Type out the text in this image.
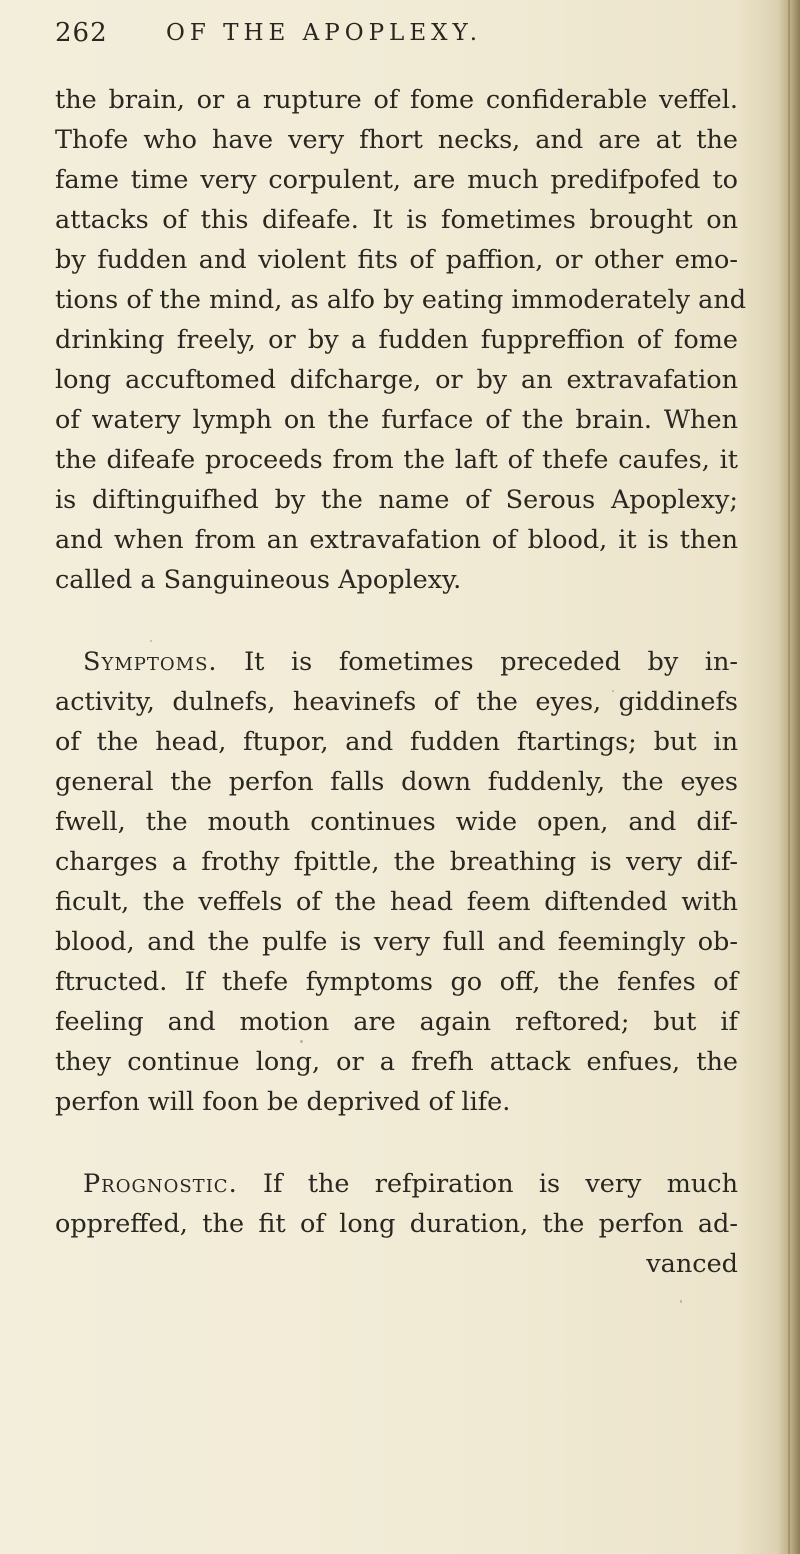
262	OF THE APOPLEXY.
the brain, or a rupture of fome confiderable veffel.
Thofe who have very fhort necks, and are at the
fame time very corpulent, are much predifpofed to
attacks of this difeafe. It is fometimes brought on
by fudden and violent fits of paffion, or other emo-
tions of the mind, as alfo by eating immoderately and
drinking freely, or by a fudden fuppreffion of fome
long accuftomed difcharge, or by an extravafation
of watery lymph on the furface of the brain. When
the difeafe proceeds from the laft of thefe caufes, it
is diftinguifhed by the name of Serous Apoplexy;
and when from an extravafation of blood, it is then
called a Sanguineous Apoplexy.
Symptoms. It is fometimes preceded by in-
activity, dulnefs, heavinefs of the eyes, giddinefs
of the head, ftupor, and fudden ftartings; but in
general the perfon falls down fuddenly, the eyes
fwell, the mouth continues wide open, and dif-
charges a frothy fpittle, the breathing is very dif-
ficult, the veffels of the head feem diftended with
blood, and the pulfe is very full and feemingly ob-
ftructed. If thefe fymptoms go off, the fenfes of
feeling and motion are again reftored; but if
they continue long, or a frefh attack enfues, the
perfon will foon be deprived of life.
Prognostic. If the refpiration is very much
oppreffed, the fit of long duration, the perfon ad-
vanced
